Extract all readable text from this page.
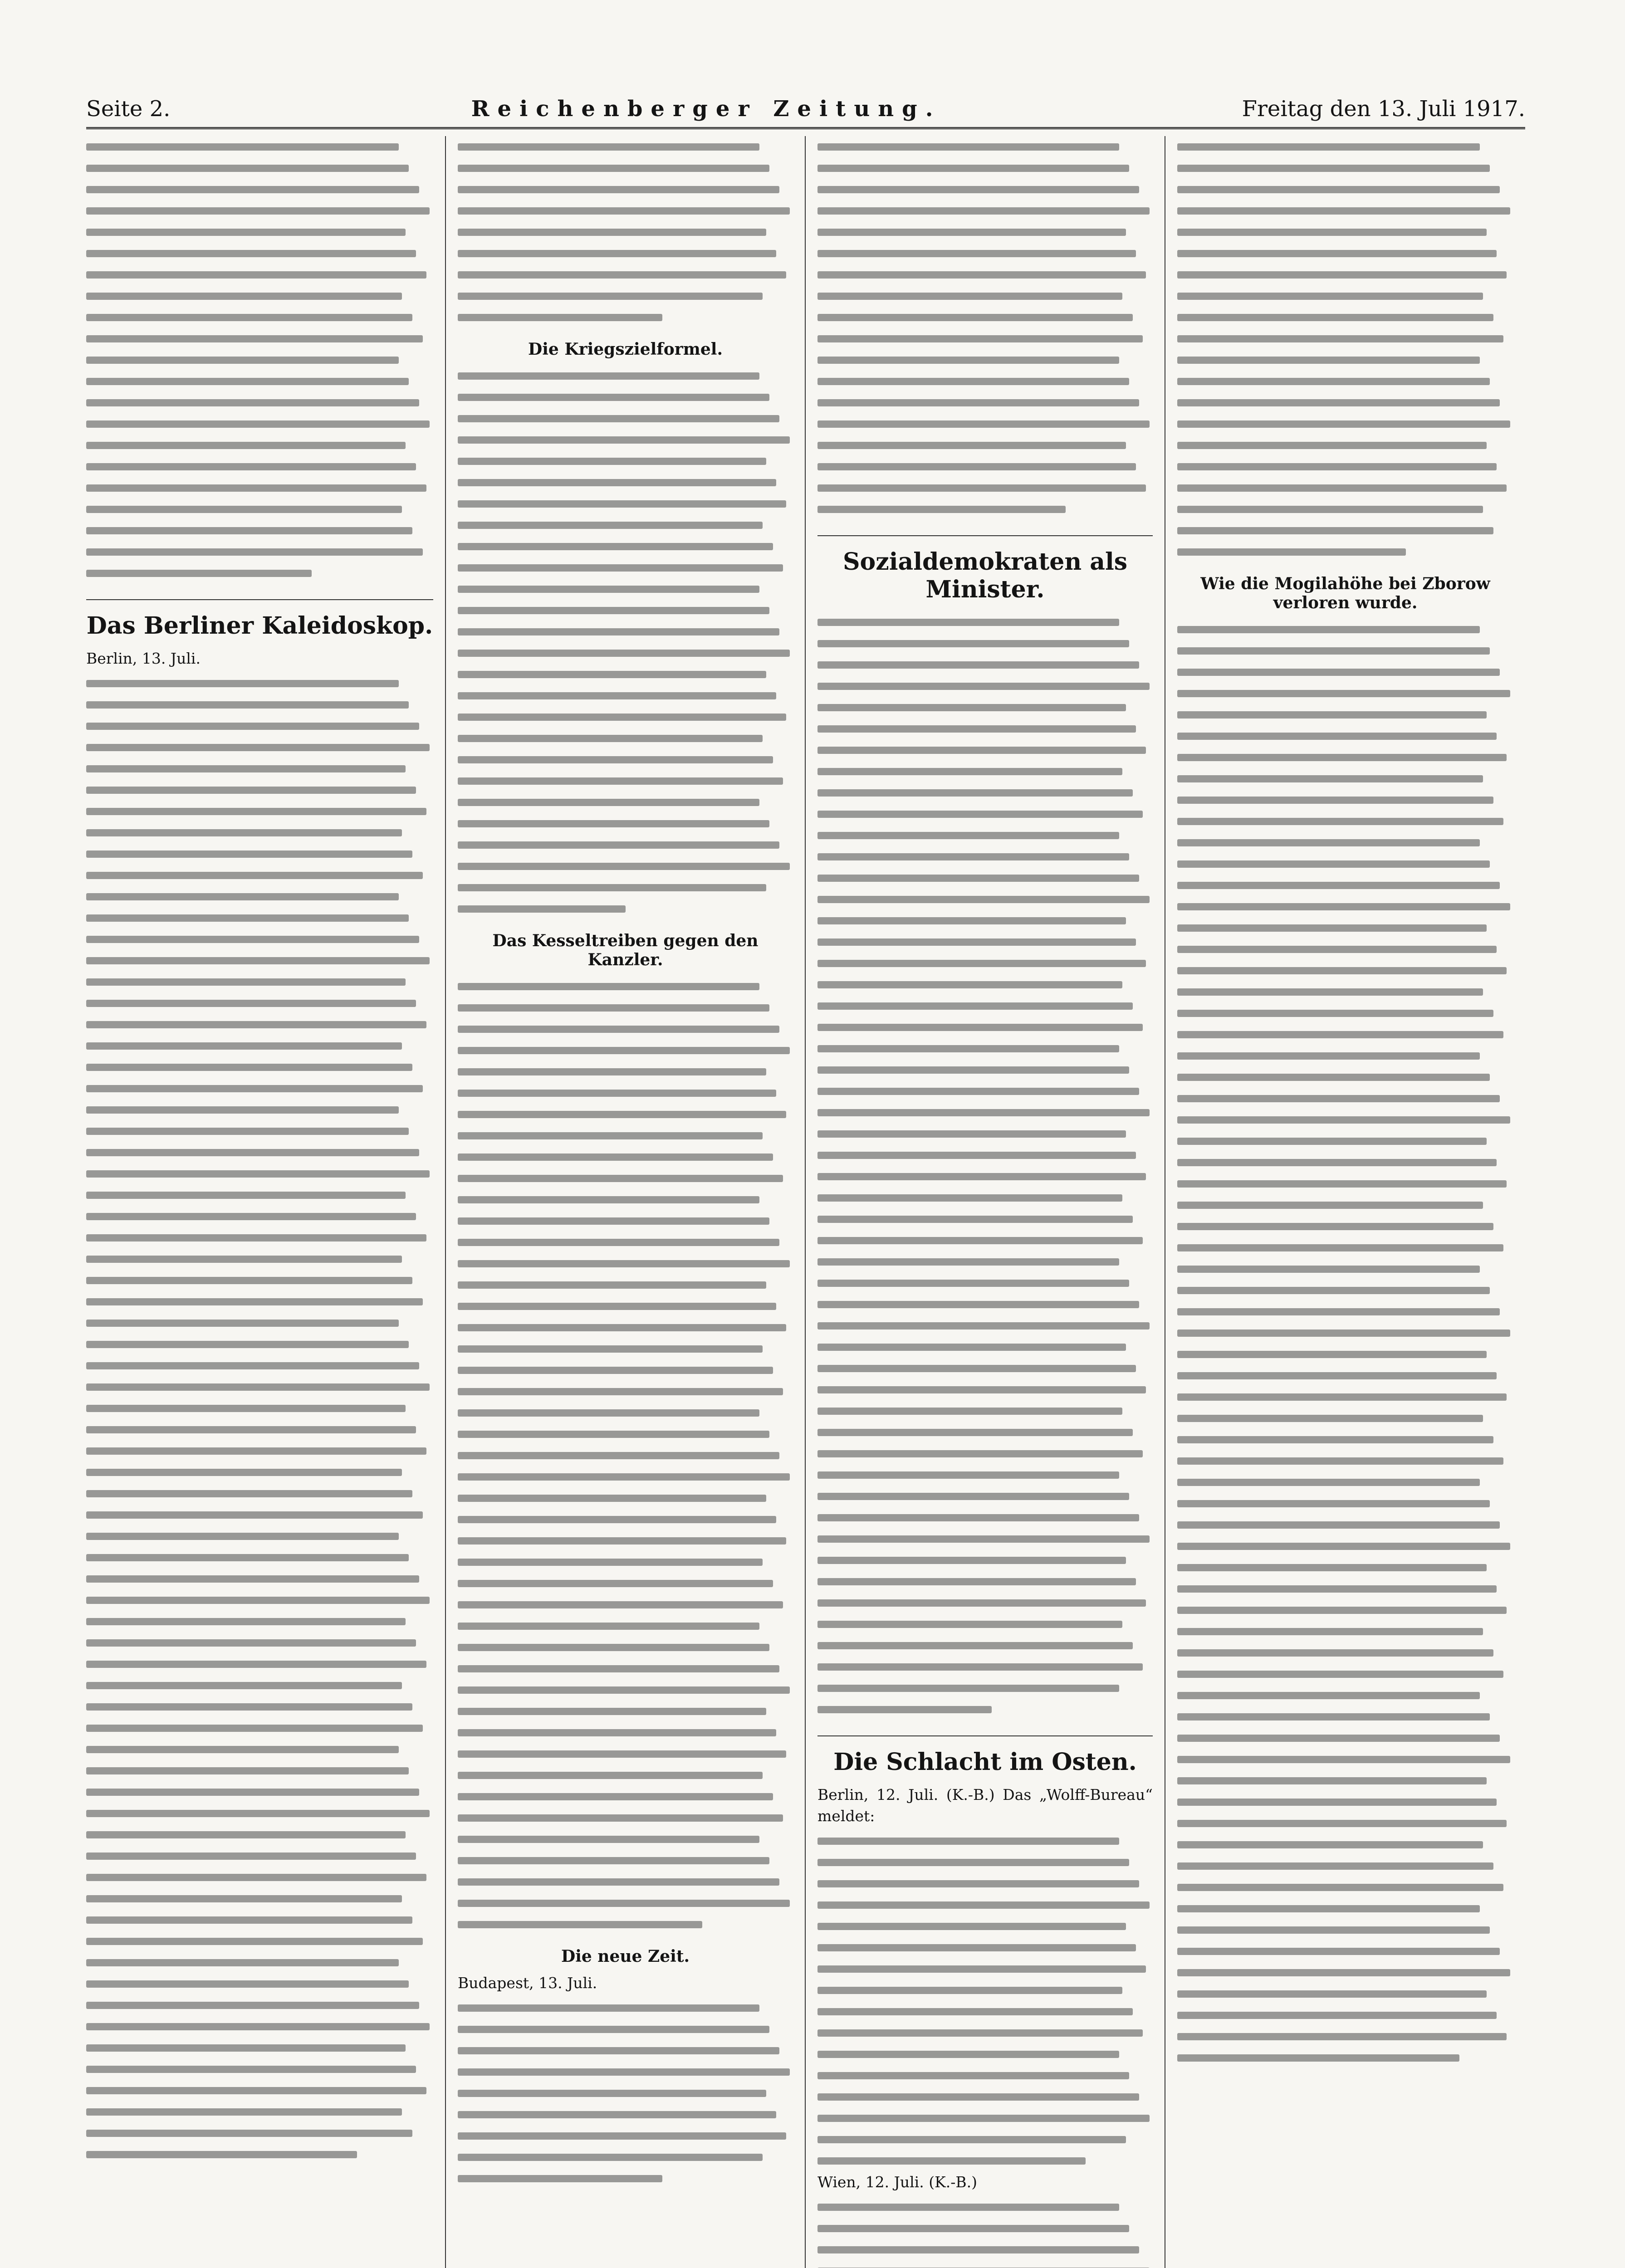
Seite 2.	Reichenberger Zeitung.	Freitag den 13. Juli 1917.
Das Berliner Kaleidoskop.
Berlin, 13. Juli.
Die Kriegszielformel.
Das Kesseltreiben gegen den Kanzler.
Die neue Zeit.
Budapest, 13. Juli.
Sozialdemokraten als Minister.
Die Schlacht im Osten.
Berlin, 12. Juli. (K.-B.) Das „Wolff-Bureau“ meldet:
Wien, 12. Juli. (K.-B.)
Wie die Mogilahöhe bei Zborow verloren wurde.
